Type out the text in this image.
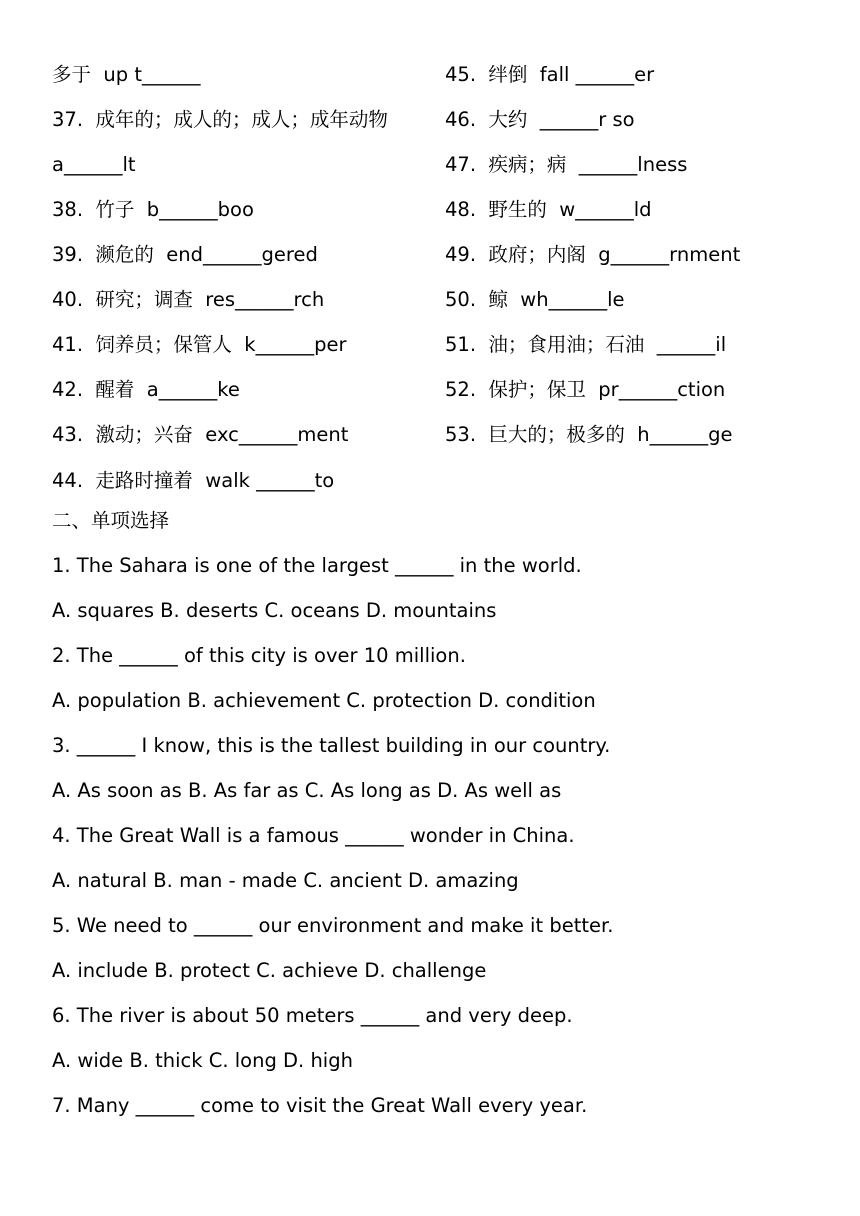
多于  up t______
37.  成年的；成人的；成人；成年动物
a______lt
38.  竹子  b______boo
39.  濒危的  end______gered
40.  研究；调查  res______rch
41.  饲养员；保管人  k______per
42.  醒着  a______ke
43.  激动；兴奋  exc______ment
44.  走路时撞着  walk ______to
45.  绊倒  fall ______er
46.  大约  ______r so
47.  疾病；病  ______lness
48.  野生的  w______ld
49.  政府；内阁  g______rnment
50.  鲸  wh______le
51.  油；食用油；石油  ______il
52.  保护；保卫  pr______ction
53.  巨大的；极多的  h______ge
二、单项选择
1. The Sahara is one of the largest ______ in the world.
A. squares B. deserts C. oceans D. mountains
2. The ______ of this city is over 10 million.
A. population B. achievement C. protection D. condition
3. ______ I know, this is the tallest building in our country.
A. As soon as B. As far as C. As long as D. As well as
4. The Great Wall is a famous ______ wonder in China.
A. natural B. man - made C. ancient D. amazing
5. We need to ______ our environment and make it better.
A. include B. protect C. achieve D. challenge
6. The river is about 50 meters ______ and very deep.
A. wide B. thick C. long D. high
7. Many ______ come to visit the Great Wall every year.
